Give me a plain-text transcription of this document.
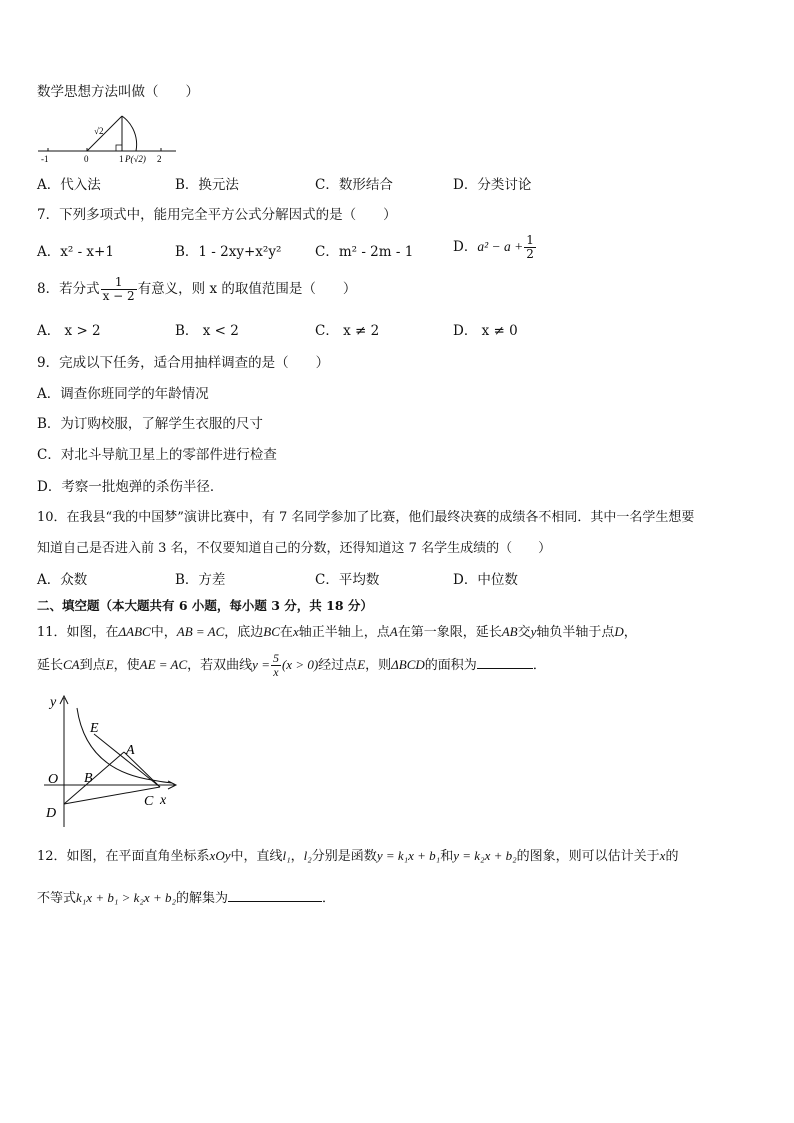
数学思想方法叫做（　　）
-1	0	1	2
√2
P(√2)
A．代入法	B．换元法	C．数形结合	D．分类讨论
7．下列多项式中，能用完全平方公式分解因式的是（　　）
A．x² - x+1	B．1 - 2xy+x²y² C．m² - 2m - 1	D．$a^2 - a + \frac{1}{2}$
8．若分式 $\frac{1}{x - 2}$ 有意义，则 x 的取值范围是（　　）
A． x > 2	B． x < 2	C． x ≠ 2	D． x ≠ 0
9．完成以下任务，适合用抽样调查的是（　　）
A．调查你班同学的年龄情况
B．为订购校服，了解学生衣服的尺寸
C．对北斗导航卫星上的零部件进行检查
D．考察一批炮弹的杀伤半径．
10．在我县“我的中国梦”演讲比赛中，有 7 名同学参加了比赛，他们最终决赛的成绩各不相同．其中一名学生想要
知道自己是否进入前 3 名，不仅要知道自己的分数，还得知道这 7 名学生成绩的（　　）
A．众数	B．方差	C．平均数	D．中位数
二、填空题（本大题共有 6 小题，每小题 3 分，共 18 分）
11．如图，在ΔABC中，AB = AC，底边BC在x轴正半轴上，点A在第一象限，延长AB交y轴负半轴于点D，
延长CA到点E，使AE = AC，若双曲线$y = \frac{5}{x} (x > 0)$经过点E，则ΔBCD的面积为	．
y
E
A
O B
D
C x
12．如图，在平面直角坐标系xOy中，直线l₁，l₂分别是函数y = k₁x + b₁和y = k₂x + b₂的图象，则可以估计关于x的
不等式k₁x + b₁ > k₂x + b₂的解集为	．
